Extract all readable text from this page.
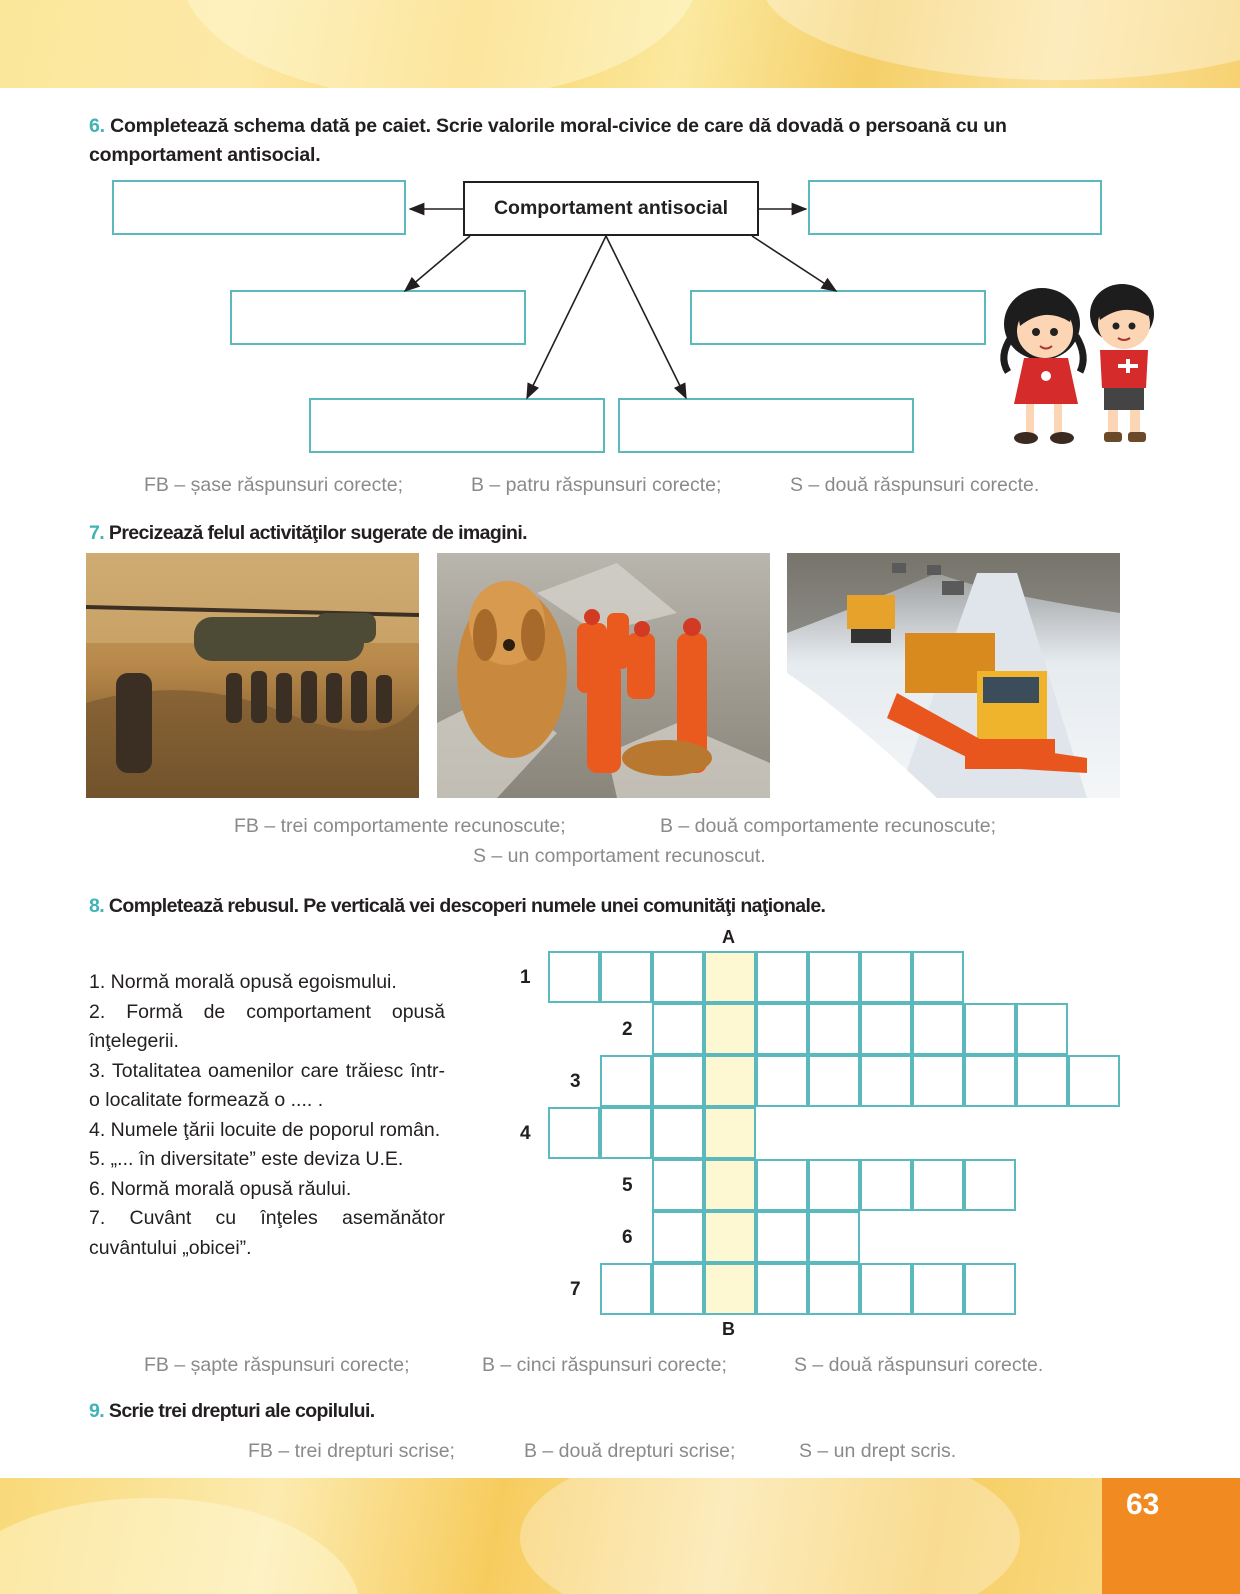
6. Completează schema dată pe caiet. Scrie valorile moral-civice de care dă dovadă o persoană cu un comportament antisocial.
Comportament antisocial
FB – șase răspunsuri corecte;	B – patru răspunsuri corecte;	S – două răspunsuri corecte.
7. Precizează felul activităţilor sugerate de imagini.
FB – trei comportamente recunoscute;	B – două comportamente recunoscute;
S – un comportament recunoscut.
8. Completează rebusul. Pe verticală vei descoperi numele unei comunităţi naţionale.
1. Normă morală opusă egoismului.
2. Formă de comportament opusă înţelegerii.
3. Totalitatea oamenilor care trăiesc într-o localitate formează o .... .
4. Numele ţării locuite de poporul român.
5. „... în diversitate” este deviza U.E.
6. Normă morală opusă răului.
7. Cuvânt cu înţeles asemănător cuvântului „obicei”.
1
2
3
4
5
6
7
A
B
FB – șapte răspunsuri corecte;	B – cinci răspunsuri corecte;	S – două răspunsuri corecte.
9. Scrie trei drepturi ale copilului.
FB – trei drepturi scrise;	B – două drepturi scrise;	S – un drept scris.
63
